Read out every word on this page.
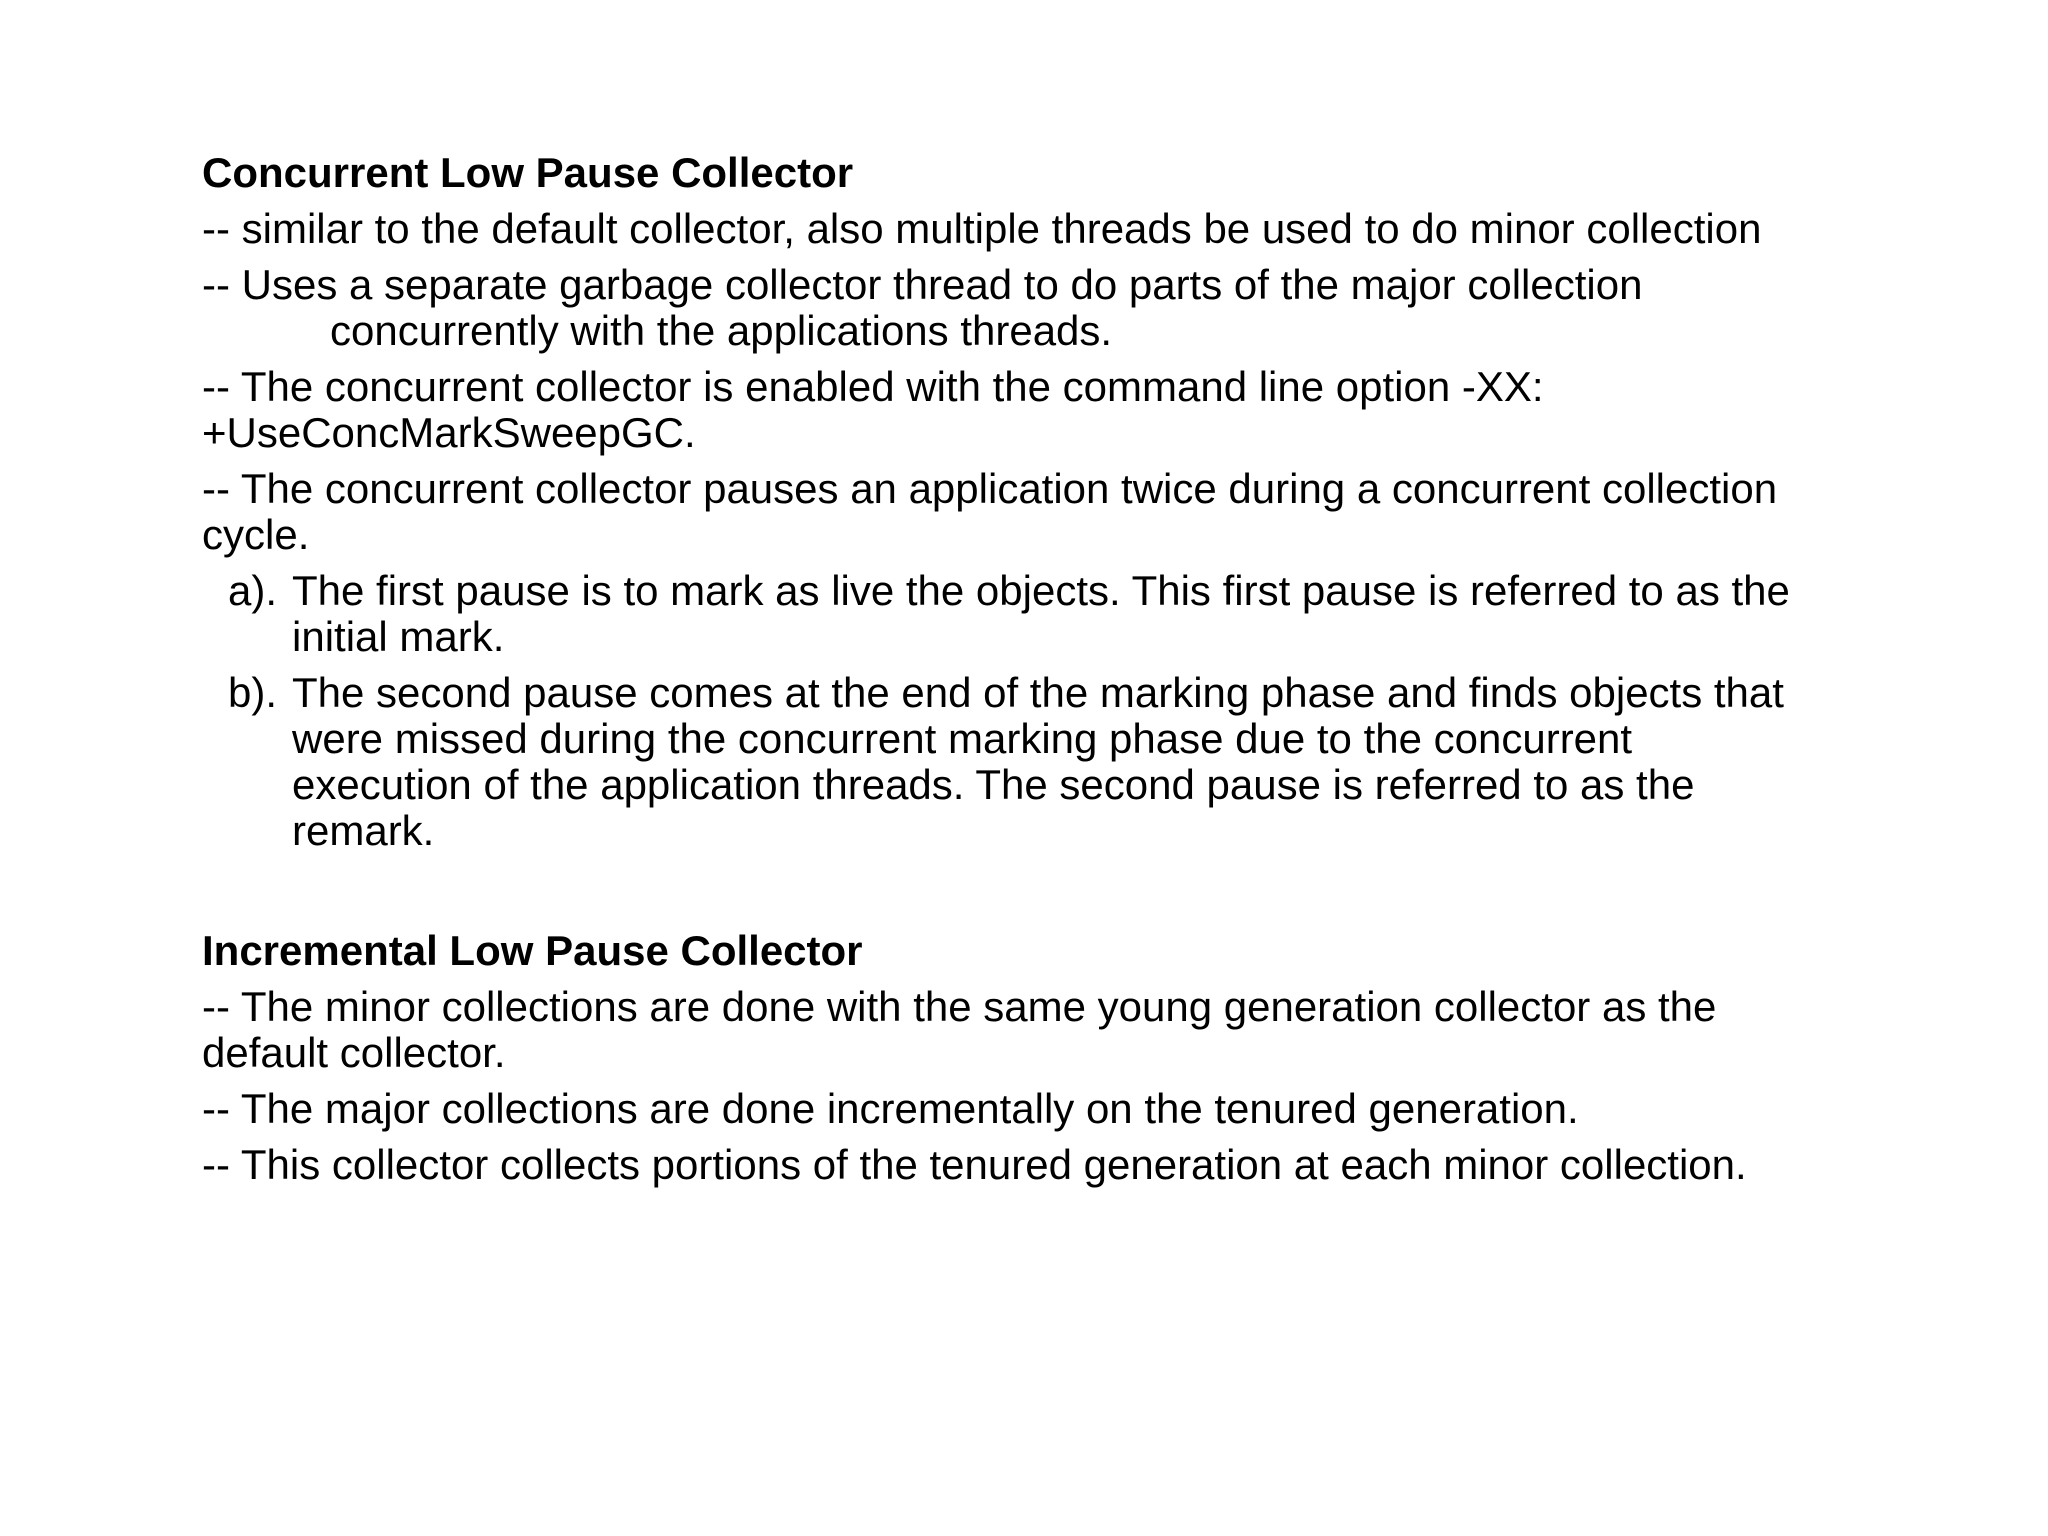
Concurrent Low Pause Collector
-- similar to the default collector, also multiple threads be used to do minor collection
-- Uses a separate garbage collector thread to do parts of the major collection
concurrently with the applications threads.
-- The concurrent collector is enabled with the command line option -XX:
+UseConcMarkSweepGC.
-- The concurrent collector pauses an application twice during a concurrent collection
cycle.
a). The first pause is to mark as live the objects. This first pause is referred to as the
initial mark.
b). The second pause comes at the end of the marking phase and finds objects that
were missed during the concurrent marking phase due to the concurrent
execution of the application threads. The second pause is referred to as the
remark.
Incremental Low Pause Collector
-- The minor collections are done with the same young generation collector as the
default collector.
-- The major collections are done incrementally on the tenured generation.
-- This collector collects portions of the tenured generation at each minor collection.
